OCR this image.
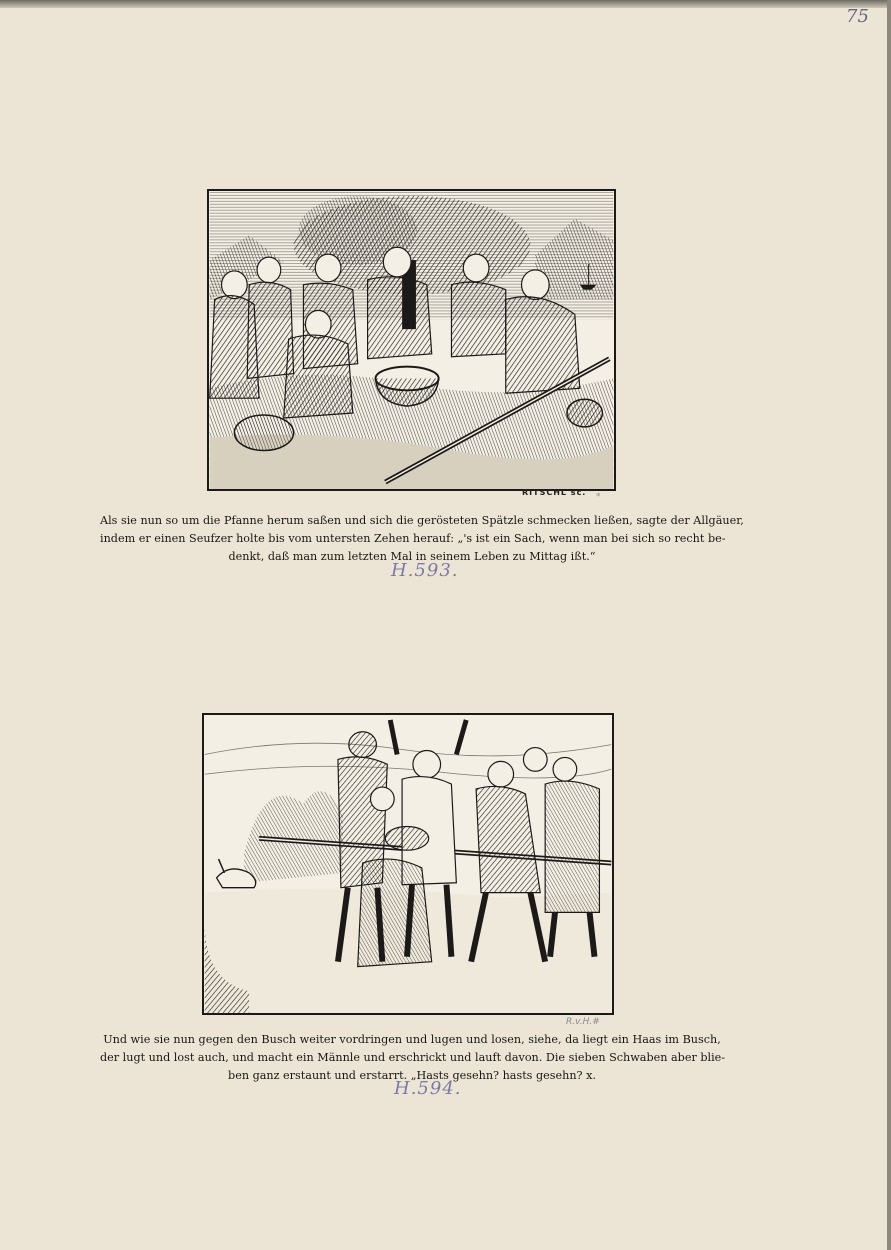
75
RITSCHL sc. *
Als sie nun so um die Pfanne herum saßen und sich die gerösteten Spätzle schmecken ließen, sagte der Allgäuer,
indem er einen Seufzer holte bis vom untersten Zehen herauf: „'s ist ein Sach, wenn man bei sich so recht be-
denkt, daß man zum letzten Mal in seinem Leben zu Mittag ißt.“
H.593.
R.v.H.#
Und wie sie nun gegen den Busch weiter vordringen und lugen und losen, siehe, da liegt ein Haas im Busch,
der lugt und lost auch, und macht ein Männle und erschrickt und lauft davon. Die sieben Schwaben aber blie-
ben ganz erstaunt und erstarrt. „Hasts gesehn? hasts gesehn? x.
H.594.
